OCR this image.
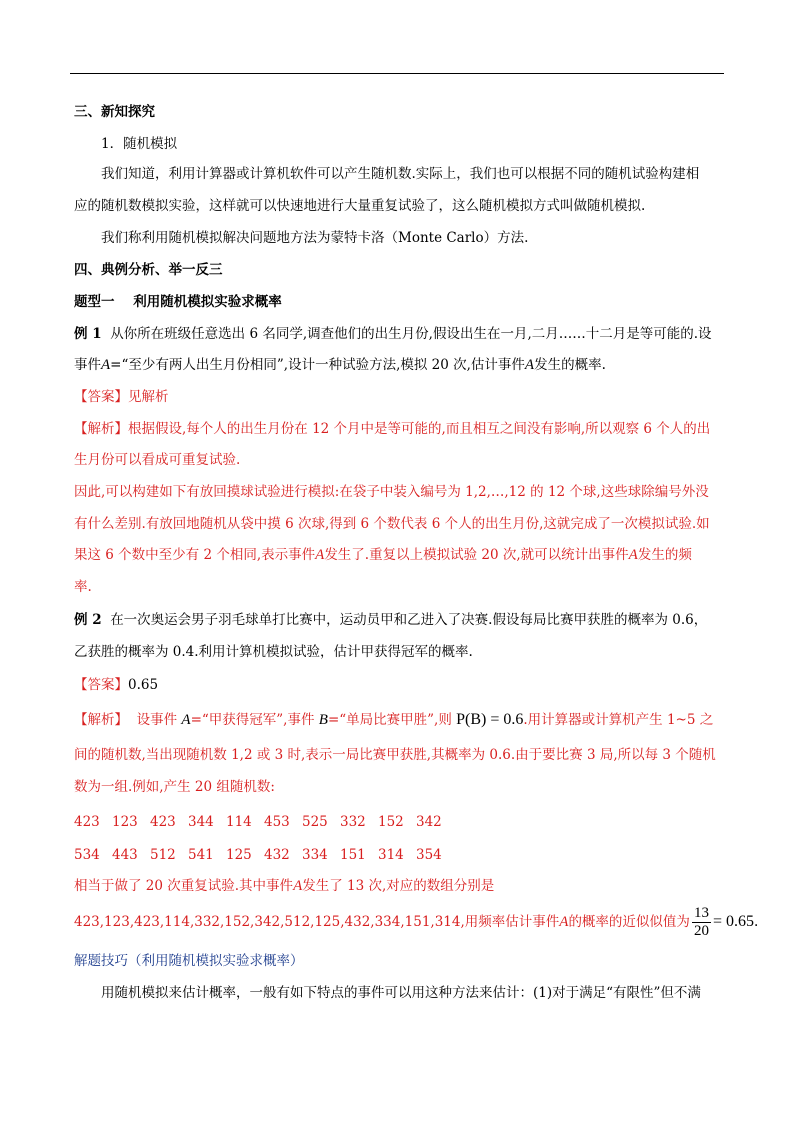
三、新知探究
1．随机模拟
我们知道，利用计算器或计算机软件可以产生随机数.实际上，我们也可以根据不同的随机试验构建相
应的随机数模拟实验，这样就可以快速地进行大量重复试验了，这么随机模拟方式叫做随机模拟.
我们称利用随机模拟解决问题地方法为蒙特卡洛（Monte Carlo）方法.
四、典例分析、举一反三
题型一    利用随机模拟实验求概率
例 1 从你所在班级任意选出 6 名同学,调查他们的出生月份,假设出生在一月,二月……十二月是等可能的.设
事件A=“至少有两人出生月份相同”,设计一种试验方法,模拟 20 次,估计事件A发生的概率.
【答案】见解析
【解析】根据假设,每个人的出生月份在 12 个月中是等可能的,而且相互之间没有影响,所以观察 6 个人的出
生月份可以看成可重复试验.
因此,可以构建如下有放回摸球试验进行模拟:在袋子中装入编号为 1,2,…,12 的 12 个球,这些球除编号外没
有什么差别.有放回地随机从袋中摸 6 次球,得到 6 个数代表 6 个人的出生月份,这就完成了一次模拟试验.如
果这 6 个数中至少有 2 个相同,表示事件A发生了.重复以上模拟试验 20 次,就可以统计出事件A发生的频
率.
例 2 在一次奥运会男子羽毛球单打比赛中，运动员甲和乙进入了决赛.假设每局比赛甲获胜的概率为 0.6，
乙获胜的概率为 0.4.利用计算机模拟试验，估计甲获得冠军的概率.
【答案】0.65
【解析】 设事件 A=“甲获得冠军”,事件 B=“单局比赛甲胜”,则 P(B) = 0.6.用计算器或计算机产生 1~5 之
间的随机数,当出现随机数 1,2 或 3 时,表示一局比赛甲获胜,其概率为 0.6.由于要比赛 3 局,所以每 3 个随机
数为一组.例如,产生 20 组随机数:
423 123 423 344 114 453 525 332 152 342
534 443 512 541 125 432 334 151 314 354
相当于做了 20 次重复试验.其中事件A发生了 13 次,对应的数组分别是
423,123,423,114,332,152,342,512,125,432,334,151,314,用频率估计事件A的概率的近似似值为 $\frac{13}{20} = 0.65$.
解题技巧（利用随机模拟实验求概率）
用随机模拟来估计概率，一般有如下特点的事件可以用这种方法来估计：(1)对于满足“有限性”但不满
